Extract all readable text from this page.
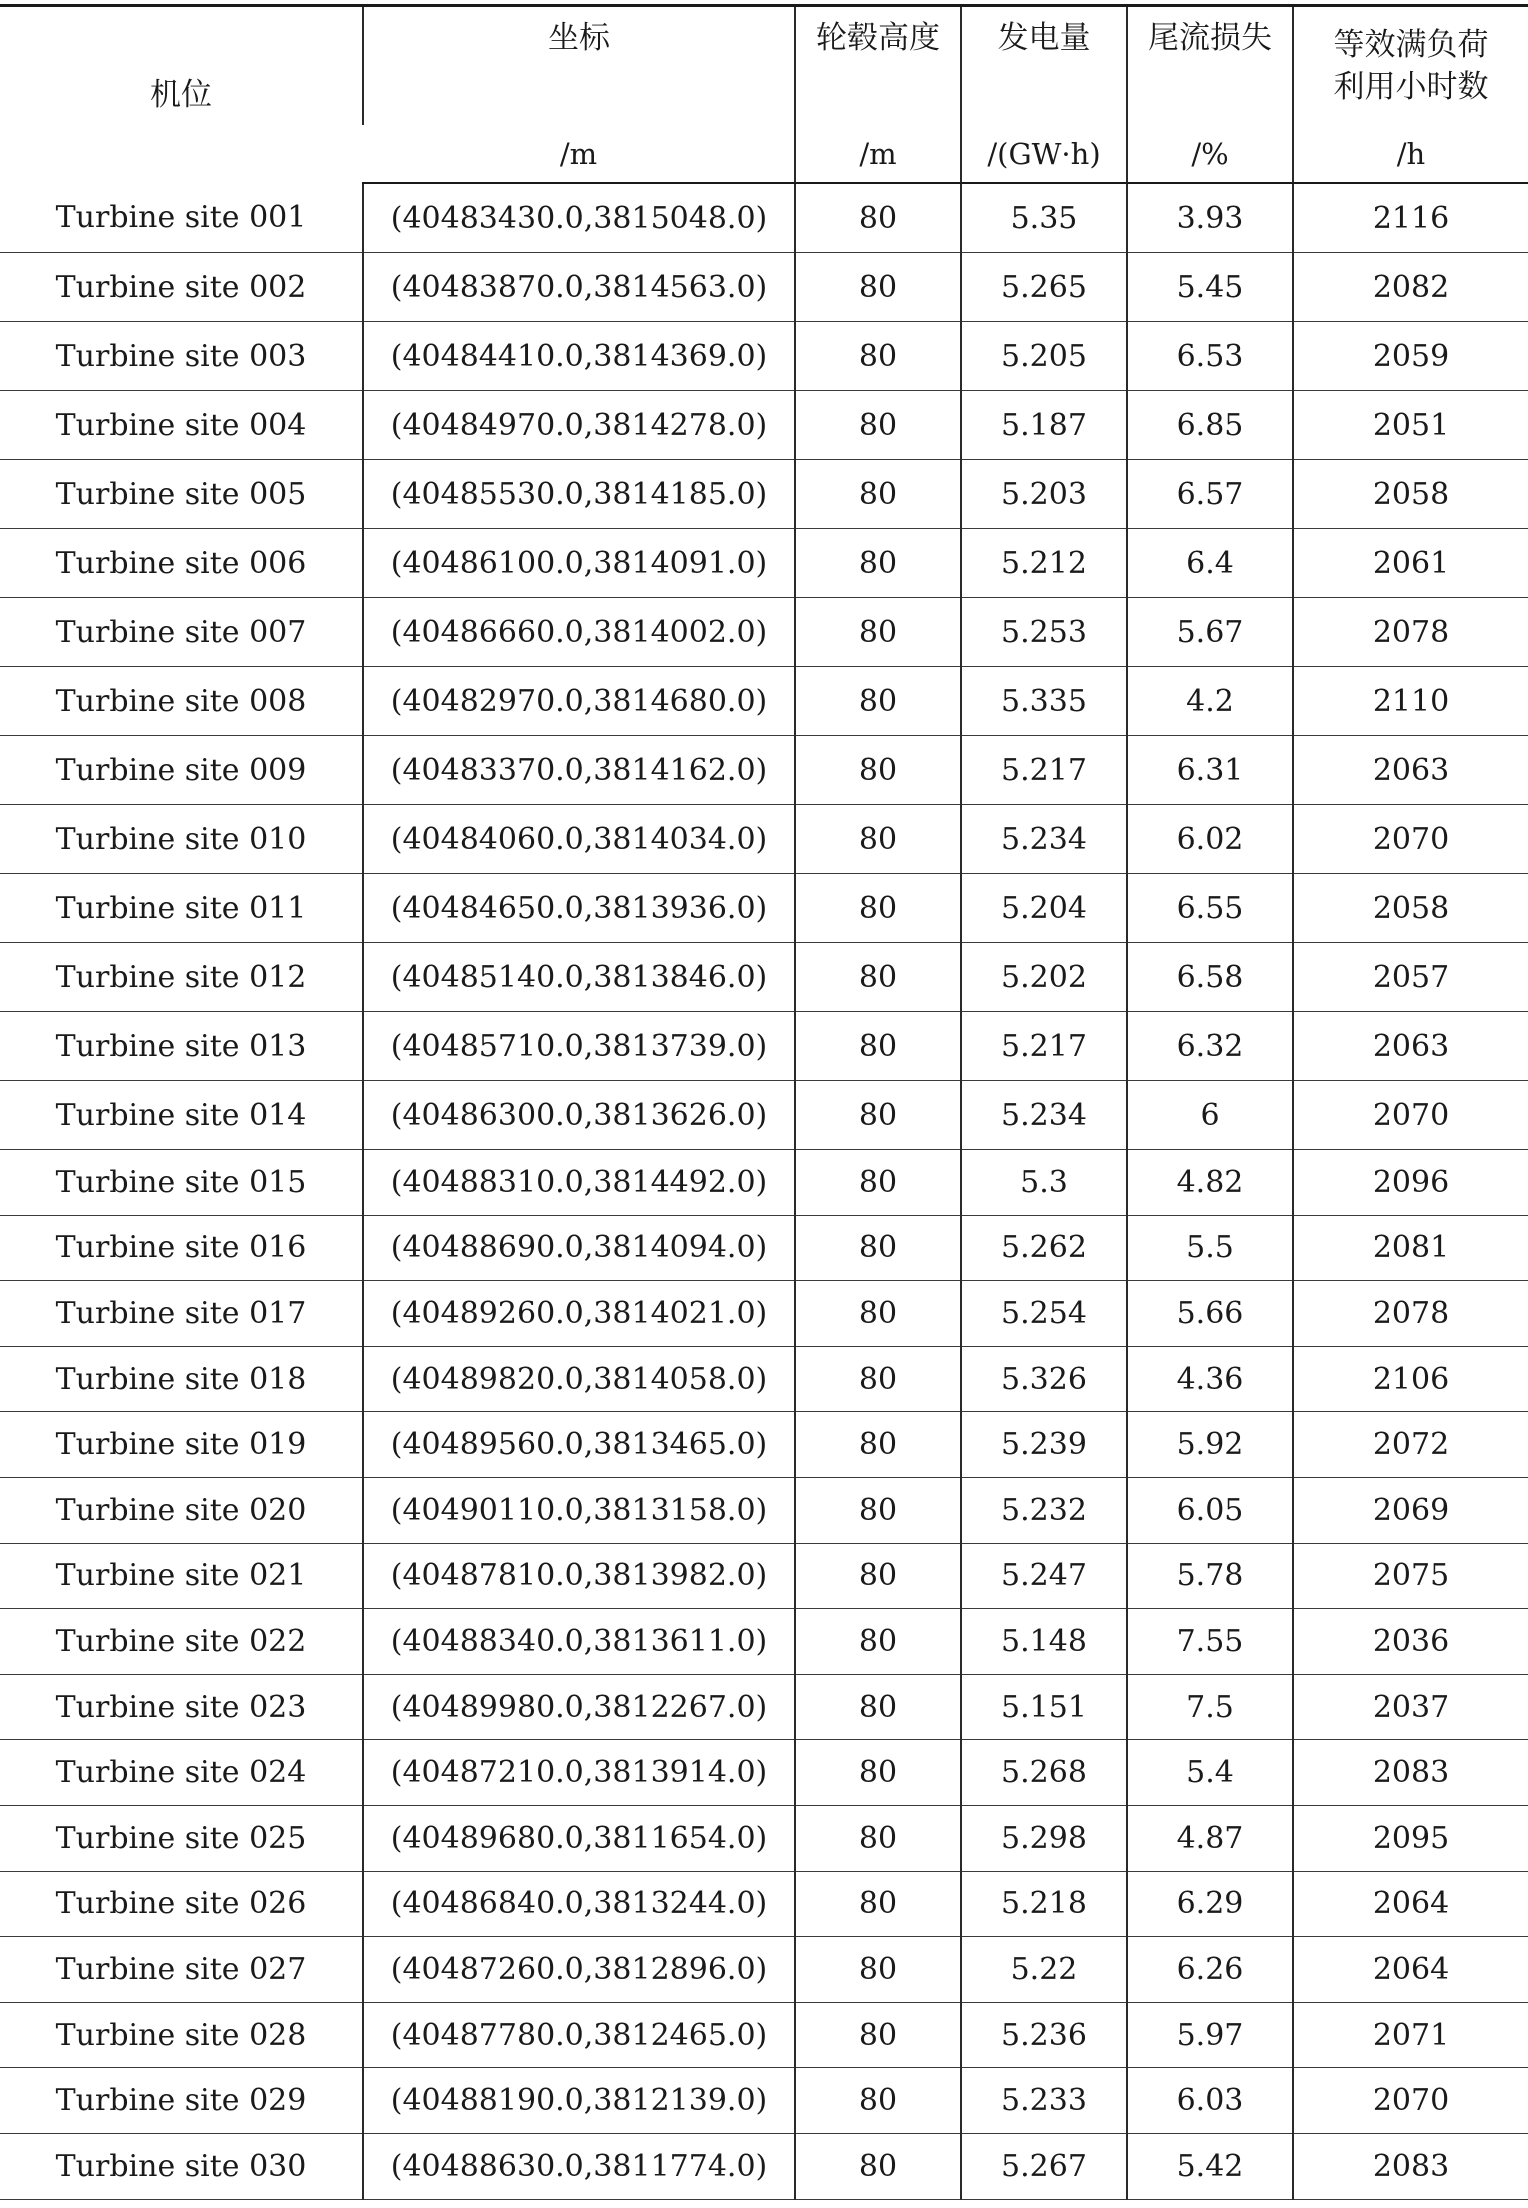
机位	坐标	轮毂高度	发电量	尾流损失	等效满负荷
利用小时数

	/m	/m	/(GW·h)	/%	/h
Turbine site 001	(40483430.0,3815048.0)	80	5.35	3.93	2116
Turbine site 002	(40483870.0,3814563.0)	80	5.265	5.45	2082
Turbine site 003	(40484410.0,3814369.0)	80	5.205	6.53	2059
Turbine site 004	(40484970.0,3814278.0)	80	5.187	6.85	2051
Turbine site 005	(40485530.0,3814185.0)	80	5.203	6.57	2058
Turbine site 006	(40486100.0,3814091.0)	80	5.212	6.4	2061
Turbine site 007	(40486660.0,3814002.0)	80	5.253	5.67	2078
Turbine site 008	(40482970.0,3814680.0)	80	5.335	4.2	2110
Turbine site 009	(40483370.0,3814162.0)	80	5.217	6.31	2063
Turbine site 010	(40484060.0,3814034.0)	80	5.234	6.02	2070
Turbine site 011	(40484650.0,3813936.0)	80	5.204	6.55	2058
Turbine site 012	(40485140.0,3813846.0)	80	5.202	6.58	2057
Turbine site 013	(40485710.0,3813739.0)	80	5.217	6.32	2063
Turbine site 014	(40486300.0,3813626.0)	80	5.234	6	2070
Turbine site 015	(40488310.0,3814492.0)	80	5.3	4.82	2096
Turbine site 016	(40488690.0,3814094.0)	80	5.262	5.5	2081
Turbine site 017	(40489260.0,3814021.0)	80	5.254	5.66	2078
Turbine site 018	(40489820.0,3814058.0)	80	5.326	4.36	2106
Turbine site 019	(40489560.0,3813465.0)	80	5.239	5.92	2072
Turbine site 020	(40490110.0,3813158.0)	80	5.232	6.05	2069
Turbine site 021	(40487810.0,3813982.0)	80	5.247	5.78	2075
Turbine site 022	(40488340.0,3813611.0)	80	5.148	7.55	2036
Turbine site 023	(40489980.0,3812267.0)	80	5.151	7.5	2037
Turbine site 024	(40487210.0,3813914.0)	80	5.268	5.4	2083
Turbine site 025	(40489680.0,3811654.0)	80	5.298	4.87	2095
Turbine site 026	(40486840.0,3813244.0)	80	5.218	6.29	2064
Turbine site 027	(40487260.0,3812896.0)	80	5.22	6.26	2064
Turbine site 028	(40487780.0,3812465.0)	80	5.236	5.97	2071
Turbine site 029	(40488190.0,3812139.0)	80	5.233	6.03	2070
Turbine site 030	(40488630.0,3811774.0)	80	5.267	5.42	2083
